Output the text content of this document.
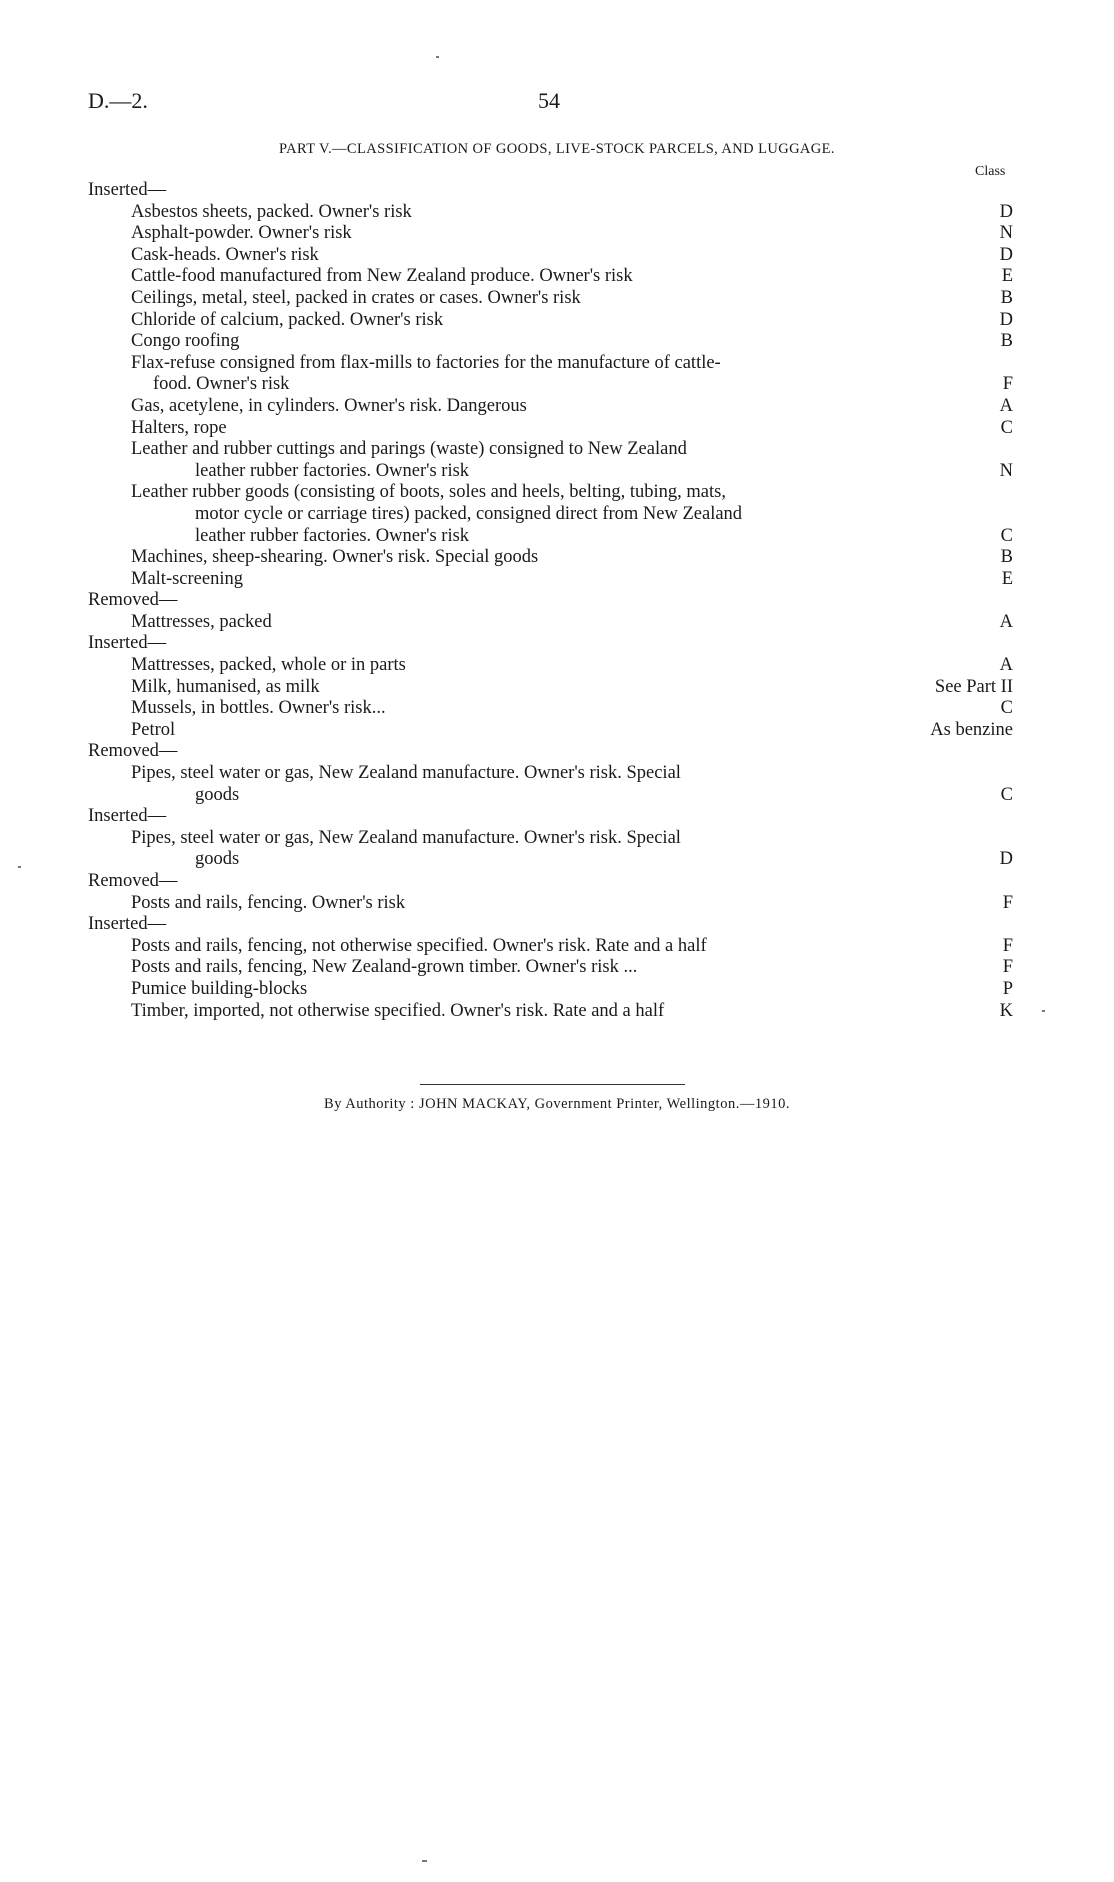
D.—2.	54
PART V.—CLASSIFICATION OF GOODS, LIVE-STOCK PARCELS, AND LUGGAGE.
Class
Inserted—
Asbestos sheets, packed. Owner's risk	D
Asphalt-powder. Owner's risk	N
Cask-heads. Owner's risk	D
Cattle-food manufactured from New Zealand produce. Owner's risk	E
Ceilings, metal, steel, packed in crates or cases. Owner's risk	B
Chloride of calcium, packed. Owner's risk	D
Congo roofing	B
Flax-refuse consigned from flax-mills to factories for the manufacture of cattle-
food. Owner's risk	F
Gas, acetylene, in cylinders. Owner's risk. Dangerous	A
Halters, rope	C
Leather and rubber cuttings and parings (waste) consigned to New Zealand
leather rubber factories. Owner's risk	N
Leather rubber goods (consisting of boots, soles and heels, belting, tubing, mats,
motor cycle or carriage tires) packed, consigned direct from New Zealand
leather rubber factories. Owner's risk	C
Machines, sheep-shearing. Owner's risk. Special goods	B
Malt-screening	E
Removed—
Mattresses, packed	A
Inserted—
Mattresses, packed, whole or in parts	A
Milk, humanised, as milk	See Part II
Mussels, in bottles. Owner's risk...	C
Petrol	As benzine
Removed—
Pipes, steel water or gas, New Zealand manufacture. Owner's risk. Special
goods	C
Inserted—
Pipes, steel water or gas, New Zealand manufacture. Owner's risk. Special
goods	D
Removed—
Posts and rails, fencing. Owner's risk	F
Inserted—
Posts and rails, fencing, not otherwise specified. Owner's risk. Rate and a half	F
Posts and rails, fencing, New Zealand-grown timber. Owner's risk ...	F
Pumice building-blocks	P
Timber, imported, not otherwise specified. Owner's risk. Rate and a half	K
By Authority : JOHN MACKAY, Government Printer, Wellington.—1910.
